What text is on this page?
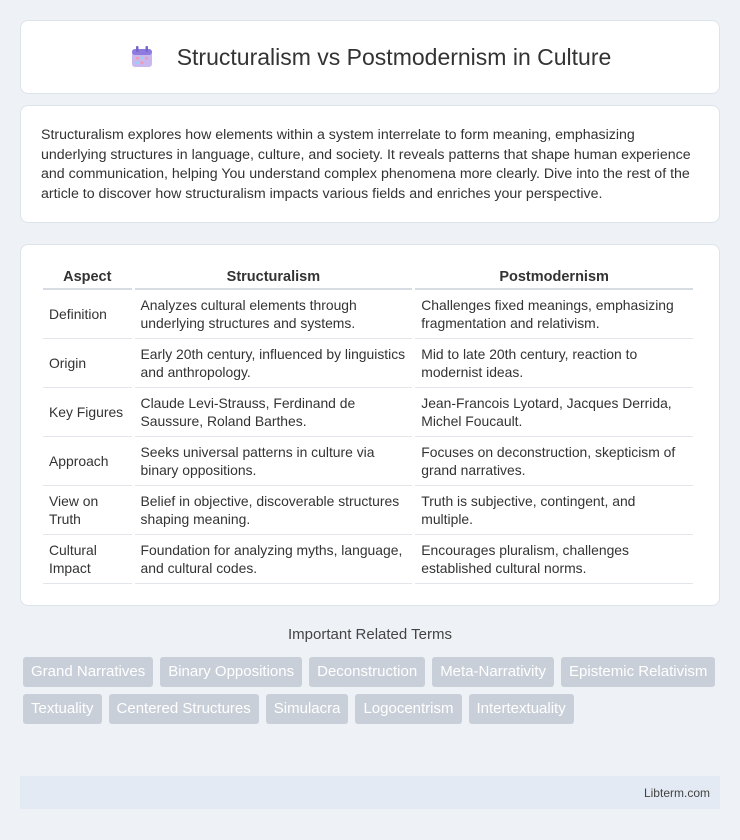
Structuralism vs Postmodernism in Culture

Structuralism explores how elements within a system interrelate to form meaning, emphasizing underlying structures in language, culture, and society. It reveals patterns that shape human experience and communication, helping You understand complex phenomena more clearly. Dive into the rest of the article to discover how structuralism impacts various fields and enriches your perspective.

Aspect	Structuralism	Postmodernism
Definition	Analyzes cultural elements through underlying structures and systems.	Challenges fixed meanings, emphasizing fragmentation and relativism.
Origin	Early 20th century, influenced by linguistics and anthropology.	Mid to late 20th century, reaction to modernist ideas.
Key Figures	Claude Levi-Strauss, Ferdinand de Saussure, Roland Barthes.	Jean-Francois Lyotard, Jacques Derrida, Michel Foucault.
Approach	Seeks universal patterns in culture via binary oppositions.	Focuses on deconstruction, skepticism of grand narratives.
View on Truth	Belief in objective, discoverable structures shaping meaning.	Truth is subjective, contingent, and multiple.
Cultural Impact	Foundation for analyzing myths, language, and cultural codes.	Encourages pluralism, challenges established cultural norms.
Important Related Terms
Grand Narratives	Binary Oppositions	Deconstruction	Meta-Narrativity	Epistemic Relativism
Textuality	Centered Structures	Simulacra	Logocentrism	Intertextuality
Libterm.com
